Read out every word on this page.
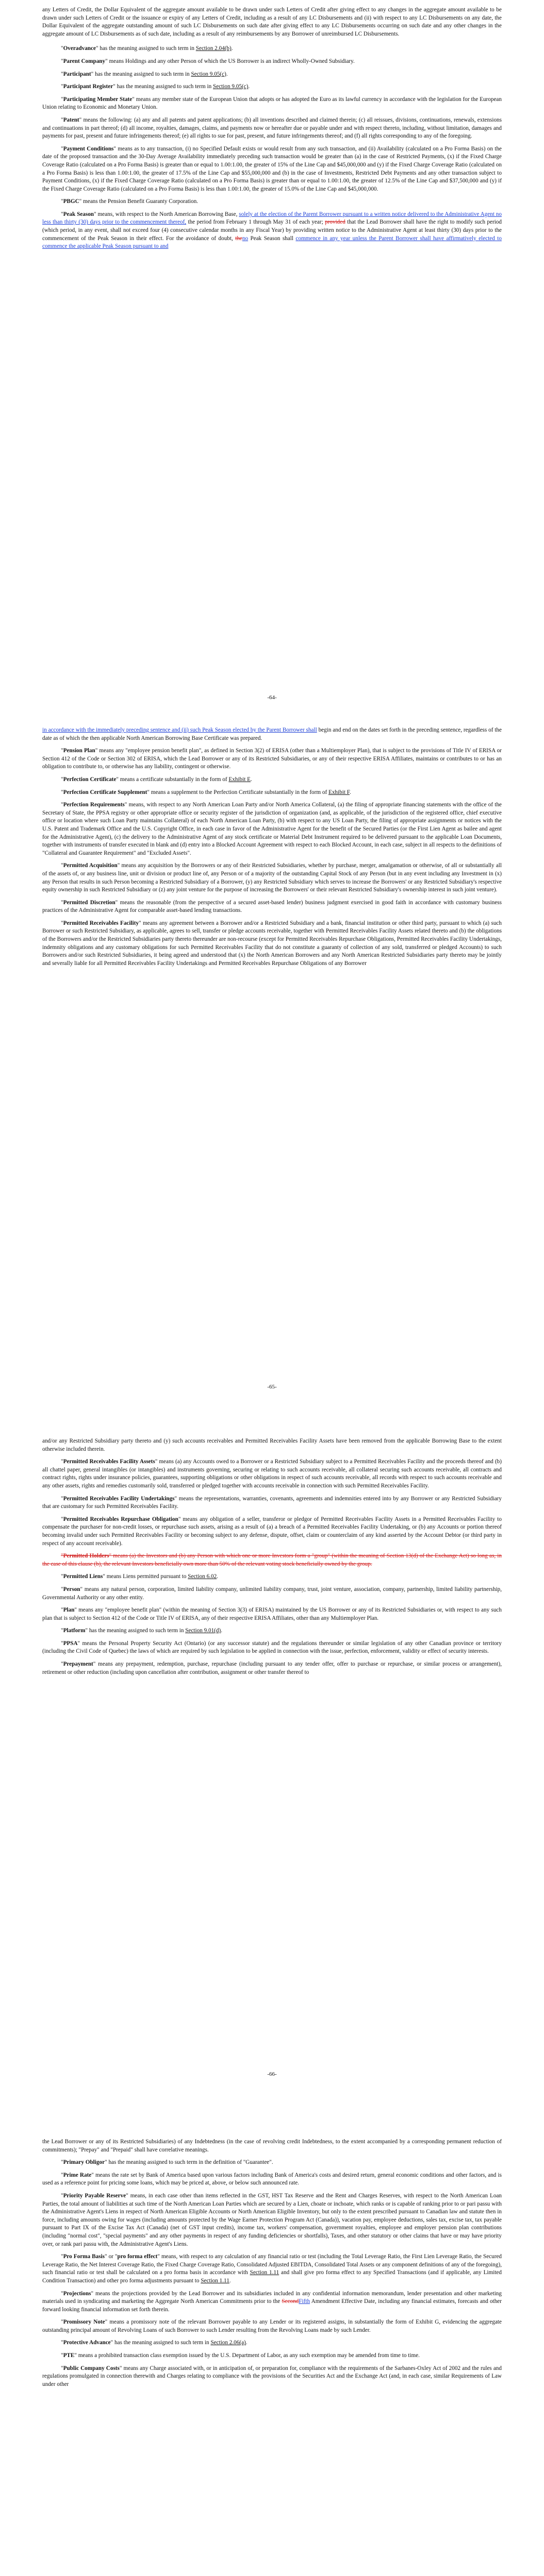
any Letters of Credit, the Dollar Equivalent of the aggregate amount available to be drawn under such Letters of Credit after giving effect to any changes in the aggregate amount available to be drawn under such Letters of Credit or the issuance or expiry of any Letters of Credit, including as a result of any LC Disbursements and (ii) with respect to any LC Disbursements on any date, the Dollar Equivalent of the aggregate outstanding amount of such LC Disbursements on such date after giving effect to any LC Disbursements occurring on such date and any other changes in the aggregate amount of LC Disbursements as of such date, including as a result of any reimbursements by any Borrower of unreimbursed LC Disbursements.

"Overadvance" has the meaning assigned to such term in Section 2.04(b).

"Parent Company" means Holdings and any other Person of which the US Borrower is an indirect Wholly-Owned Subsidiary.

"Participant" has the meaning assigned to such term in Section 9.05(c).

"Participant Register" has the meaning assigned to such term in Section 9.05(c).

"Participating Member State" means any member state of the European Union that adopts or has adopted the Euro as its lawful currency in accordance with the legislation for the European Union relating to Economic and Monetary Union.

"Patent" means the following: (a) any and all patents and patent applications; (b) all inventions described and claimed therein; (c) all reissues, divisions, continuations, renewals, extensions and continuations in part thereof; (d) all income, royalties, damages, claims, and payments now or hereafter due or payable under and with respect thereto, including, without limitation, damages and payments for past, present and future infringements thereof; (e) all rights to sue for past, present, and future infringements thereof; and (f) all rights corresponding to any of the foregoing.

"Payment Conditions" means as to any transaction, (i) no Specified Default exists or would result from any such transaction, and (ii) Availability (calculated on a Pro Forma Basis) on the date of the proposed transaction and the 30-Day Average Availability immediately preceding such transaction would be greater than (a) in the case of Restricted Payments, (x) if the Fixed Charge Coverage Ratio (calculated on a Pro Forma Basis) is greater than or equal to 1.00:1.00, the greater of 15% of the Line Cap and $45,000,000 and (y) if the Fixed Charge Coverage Ratio (calculated on a Pro Forma Basis) is less than 1.00:1.00, the greater of 17.5% of the Line Cap and $55,000,000 and (b) in the case of Investments, Restricted Debt Payments and any other transaction subject to Payment Conditions, (x) if the Fixed Charge Coverage Ratio (calculated on a Pro Forma Basis) is greater than or equal to 1.00:1.00, the greater of 12.5% of the Line Cap and $37,500,000 and (y) if the Fixed Charge Coverage Ratio (calculated on a Pro Forma Basis) is less than 1.00:1.00, the greater of 15.0% of the Line Cap and $45,000,000.

"PBGC" means the Pension Benefit Guaranty Corporation.

"Peak Season" means, with respect to the North American Borrowing Base, solely at the election of the Parent Borrower pursuant to a written notice delivered to the Administrative Agent no less than thirty (30) days prior to the commencement thereof, the period from February 1 through May 31 of each year; provided that the Lead Borrower shall have the right to modify such period (which period, in any event, shall not exceed four (4) consecutive calendar months in any Fiscal Year) by providing written notice to the Administrative Agent at least thirty (30) days prior to the commencement of the Peak Season in their effect. For the avoidance of doubt, theno Peak Season shall commence in any year unless the Parent Borrower shall have affirmatively elected to commence the applicable Peak Season pursuant to and

-64-

in accordance with the immediately preceding sentence and (ii) such Peak Season elected by the Parent Borrower shall begin and end on the dates set forth in the preceding sentence, regardless of the date as of which the then applicable North American Borrowing Base Certificate was prepared.

"Pension Plan" means any "employee pension benefit plan", as defined in Section 3(2) of ERISA (other than a Multiemployer Plan), that is subject to the provisions of Title IV of ERISA or Section 412 of the Code or Section 302 of ERISA, which the Lead Borrower or any of its Restricted Subsidiaries, or any of their respective ERISA Affiliates, maintains or contributes to or has an obligation to contribute to, or otherwise has any liability, contingent or otherwise.

"Perfection Certificate" means a certificate substantially in the form of Exhibit E.

"Perfection Certificate Supplement" means a supplement to the Perfection Certificate substantially in the form of Exhibit F.

"Perfection Requirements" means, with respect to any North American Loan Party and/or North America Collateral, (a) the filing of appropriate financing statements with the office of the Secretary of State, the PPSA registry or other appropriate office or security register of the jurisdiction of organization (and, as applicable, of the jurisdiction of the registered office, chief executive office or location where such Loan Party maintains Collateral) of each North American Loan Party, (b) with respect to any US Loan Party, the filing of appropriate assignments or notices with the U.S. Patent and Trademark Office and the U.S. Copyright Office, in each case in favor of the Administrative Agent for the benefit of the Secured Parties (or the First Lien Agent as bailee and agent for the Administrative Agent), (c) the delivery to the Administrative Agent of any stock certificate or Material Debt Instrument required to be delivered pursuant to the applicable Loan Documents, together with instruments of transfer executed in blank and (d) entry into a Blocked Account Agreement with respect to each Blocked Account, in each case, subject in all respects to the definitions of "Collateral and Guarantee Requirement" and "Excluded Assets".

"Permitted Acquisition" means any acquisition by the Borrowers or any of their Restricted Subsidiaries, whether by purchase, merger, amalgamation or otherwise, of all or substantially all of the assets of, or any business line, unit or division or product line of, any Person or of a majority of the outstanding Capital Stock of any Person (but in any event including any Investment in (x) any Person that results in such Person becoming a Restricted Subsidiary of a Borrower, (y) any Restricted Subsidiary which serves to increase the Borrowers' or any Restricted Subsidiary's respective equity ownership in such Restricted Subsidiary or (z) any joint venture for the purpose of increasing the Borrowers' or their relevant Restricted Subsidiary's ownership interest in such joint venture).

"Permitted Discretion" means the reasonable (from the perspective of a secured asset-based lender) business judgment exercised in good faith in accordance with customary business practices of the Administrative Agent for comparable asset-based lending transactions.

"Permitted Receivables Facility" means any agreement between a Borrower and/or a Restricted Subsidiary and a bank, financial institution or other third party, pursuant to which (a) such Borrower or such Restricted Subsidiary, as applicable, agrees to sell, transfer or pledge accounts receivable, together with Permitted Receivables Facility Assets related thereto and (b) the obligations of the Borrowers and/or the Restricted Subsidiaries party thereto thereunder are non-recourse (except for Permitted Receivables Repurchase Obligations, Permitted Receivables Facility Undertakings, indemnity obligations and any customary obligations for such Permitted Receivables Facility that do not constitute a guaranty of collection of any sold, transferred or pledged Accounts) to such Borrowers and/or such Restricted Subsidiaries, it being agreed and understood that (x) the North American Borrowers and any North American Restricted Subsidiaries party thereto may be jointly and severally liable for all Permitted Receivables Facility Undertakings and Permitted Receivables Repurchase Obligations of any Borrower

-65-

and/or any Restricted Subsidiary party thereto and (y) such accounts receivables and Permitted Receivables Facility Assets have been removed from the applicable Borrowing Base to the extent otherwise included therein.

"Permitted Receivables Facility Assets" means (a) any Accounts owed to a Borrower or a Restricted Subsidiary subject to a Permitted Receivables Facility and the proceeds thereof and (b) all chattel paper, general intangibles (or intangibles) and instruments governing, securing or relating to such accounts receivable, all collateral securing such accounts receivable, all contracts and contract rights, rights under insurance policies, guarantees, supporting obligations or other obligations in respect of such accounts receivable, all records with respect to such accounts receivable and any other assets, rights and remedies customarily sold, transferred or pledged together with accounts receivable in connection with such Permitted Receivables Facility.

"Permitted Receivables Facility Undertakings" means the representations, warranties, covenants, agreements and indemnities entered into by any Borrower or any Restricted Subsidiary that are customary for such Permitted Receivables Facility.

"Permitted Receivables Repurchase Obligation" means any obligation of a seller, transferor or pledgor of Permitted Receivables Facility Assets in a Permitted Receivables Facility to compensate the purchaser for non-credit losses, or repurchase such assets, arising as a result of (a) a breach of a Permitted Receivables Facility Undertaking, or (b) any Accounts or portion thereof becoming invalid under such Permitted Receivables Facility or becoming subject to any defense, dispute, offset, claim or counterclaim of any kind asserted by the Account Debtor (or third party in respect of any account receivable).

"Permitted Holders" means (a) the Investors and (b) any Person with which one or more Investors form a "group" (within the meaning of Section 13(d) of the Exchange Act) so long as, in the case of this clause (b), the relevant Investors beneficially own more than 50% of the relevant voting stock beneficially owned by the group.

"Permitted Liens" means Liens permitted pursuant to Section 6.02.

"Person" means any natural person, corporation, limited liability company, unlimited liability company, trust, joint venture, association, company, partnership, limited liability partnership, Governmental Authority or any other entity.

"Plan" means any "employee benefit plan" (within the meaning of Section 3(3) of ERISA) maintained by the US Borrower or any of its Restricted Subsidiaries or, with respect to any such plan that is subject to Section 412 of the Code or Title IV of ERISA, any of their respective ERISA Affiliates, other than any Multiemployer Plan.

"Platform" has the meaning assigned to such term in Section 9.01(d).

"PPSA" means the Personal Property Security Act (Ontario) (or any successor statute) and the regulations thereunder or similar legislation of any other Canadian province or territory (including the Civil Code of Quebec) the laws of which are required by such legislation to be applied in connection with the issue, perfection, enforcement, validity or effect of security interests.

"Prepayment" means any prepayment, redemption, purchase, repurchase (including pursuant to any tender offer, offer to purchase or repurchase, or similar process or arrangement), retirement or other reduction (including upon cancellation after contribution, assignment or other transfer thereof to

-66-

the Lead Borrower or any of its Restricted Subsidiaries) of any Indebtedness (in the case of revolving credit Indebtedness, to the extent accompanied by a corresponding permanent reduction of commitments); "Prepay" and "Prepaid" shall have correlative meanings.

"Primary Obligor" has the meaning assigned to such term in the definition of "Guarantee".

"Prime Rate" means the rate set by Bank of America based upon various factors including Bank of America's costs and desired return, general economic conditions and other factors, and is used as a reference point for pricing some loans, which may be priced at, above, or below such announced rate.

"Priority Payable Reserve" means, in each case other than items reflected in the GST, HST Tax Reserve and the Rent and Charges Reserves, with respect to the North American Loan Parties, the total amount of liabilities at such time of the North American Loan Parties which are secured by a Lien, choate or inchoate, which ranks or is capable of ranking prior to or pari passu with the Administrative Agent's Liens in respect of North American Eligible Accounts or North American Eligible Inventory, but only to the extent prescribed pursuant to Canadian law and statute then in force, including amounts owing for wages (including amounts protected by the Wage Earner Protection Program Act (Canada)), vacation pay, employee deductions, sales tax, excise tax, tax payable pursuant to Part IX of the Excise Tax Act (Canada) (net of GST input credits), income tax, workers' compensation, government royalties, employee and employer pension plan contributions (including "normal cost", "special payments" and any other payments in respect of any funding deficiencies or shortfalls), Taxes, and other statutory or other claims that have or may have priority over, or rank pari passu with, the Administrative Agent's Liens.

"Pro Forma Basis" or "pro forma effect" means, with respect to any calculation of any financial ratio or test (including the Total Leverage Ratio, the First Lien Leverage Ratio, the Secured Leverage Ratio, the Net Interest Coverage Ratio, the Fixed Charge Coverage Ratio, Consolidated Adjusted EBITDA, Consolidated Total Assets or any component definitions of any of the foregoing), such financial ratio or test shall be calculated on a pro forma basis in accordance with Section 1.11 and shall give pro forma effect to any Specified Transactions (and if applicable, any Limited Condition Transaction) and other pro forma adjustments pursuant to Section 1.11.

"Projections" means the projections provided by the Lead Borrower and its subsidiaries included in any confidential information memorandum, lender presentation and other marketing materials used in syndicating and marketing the Aggregate North American Commitments prior to the SecondFifth Amendment Effective Date, including any financial estimates, forecasts and other forward looking financial information set forth therein.

"Promissory Note" means a promissory note of the relevant Borrower payable to any Lender or its registered assigns, in substantially the form of Exhibit G, evidencing the aggregate outstanding principal amount of Revolving Loans of such Borrower to such Lender resulting from the Revolving Loans made by such Lender.

"Protective Advance" has the meaning assigned to such term in Section 2.06(a).

"PTE" means a prohibited transaction class exemption issued by the U.S. Department of Labor, as any such exemption may be amended from time to time.

"Public Company Costs" means any Charge associated with, or in anticipation of, or preparation for, compliance with the requirements of the Sarbanes-Oxley Act of 2002 and the rules and regulations promulgated in connection therewith and Charges relating to compliance with the provisions of the Securities Act and the Exchange Act (and, in each case, similar Requirements of Law under other
